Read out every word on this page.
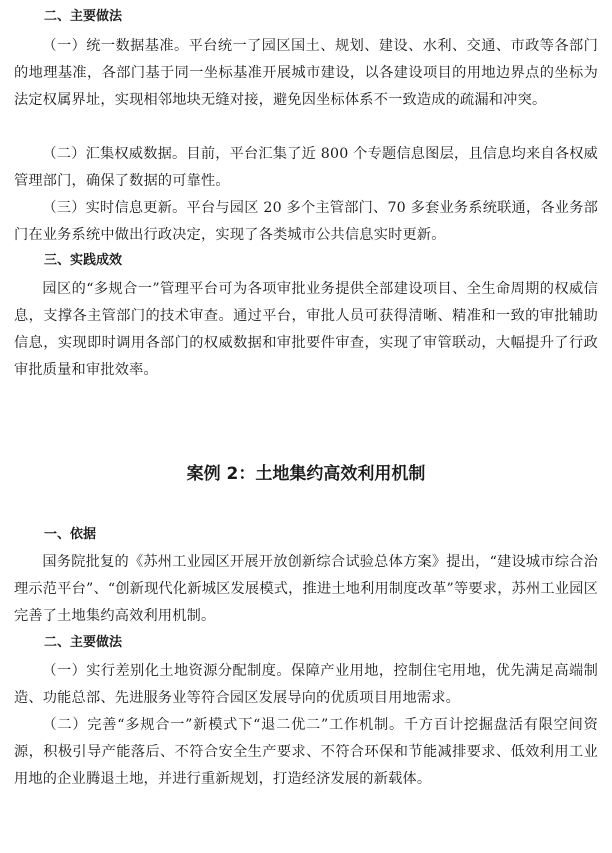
二、主要做法

（一）统一数据基准。平台统一了园区国土、规划、建设、水利、交通、市政等各部门的地理基准，各部门基于同一坐标基准开展城市建设，以各建设项目的用地边界点的坐标为法定权属界址，实现相邻地块无缝对接，避免因坐标体系不一致造成的疏漏和冲突。

（二）汇集权威数据。目前，平台汇集了近 800 个专题信息图层，且信息均来自各权威管理部门，确保了数据的可靠性。

（三）实时信息更新。平台与园区 20 多个主管部门、70 多套业务系统联通，各业务部门在业务系统中做出行政决定，实现了各类城市公共信息实时更新。

三、实践成效

园区的“多规合一”管理平台可为各项审批业务提供全部建设项目、全生命周期的权威信息，支撑各主管部门的技术审查。通过平台，审批人员可获得清晰、精准和一致的审批辅助信息，实现即时调用各部门的权威数据和审批要件审查，实现了审管联动，大幅提升了行政审批质量和审批效率。

案例 2：土地集约高效利用机制
一、依据

国务院批复的《苏州工业园区开展开放创新综合试验总体方案》提出，“建设城市综合治理示范平台”、“创新现代化新城区发展模式，推进土地利用制度改革”等要求，苏州工业园区完善了土地集约高效利用机制。

二、主要做法

（一）实行差别化土地资源分配制度。保障产业用地，控制住宅用地，优先满足高端制造、功能总部、先进服务业等符合园区发展导向的优质项目用地需求。

（二）完善“多规合一”新模式下“退二优二”工作机制。千方百计挖掘盘活有限空间资源，积极引导产能落后、不符合安全生产要求、不符合环保和节能减排要求、低效利用工业用地的企业腾退土地，并进行重新规划，打造经济发展的新载体。
